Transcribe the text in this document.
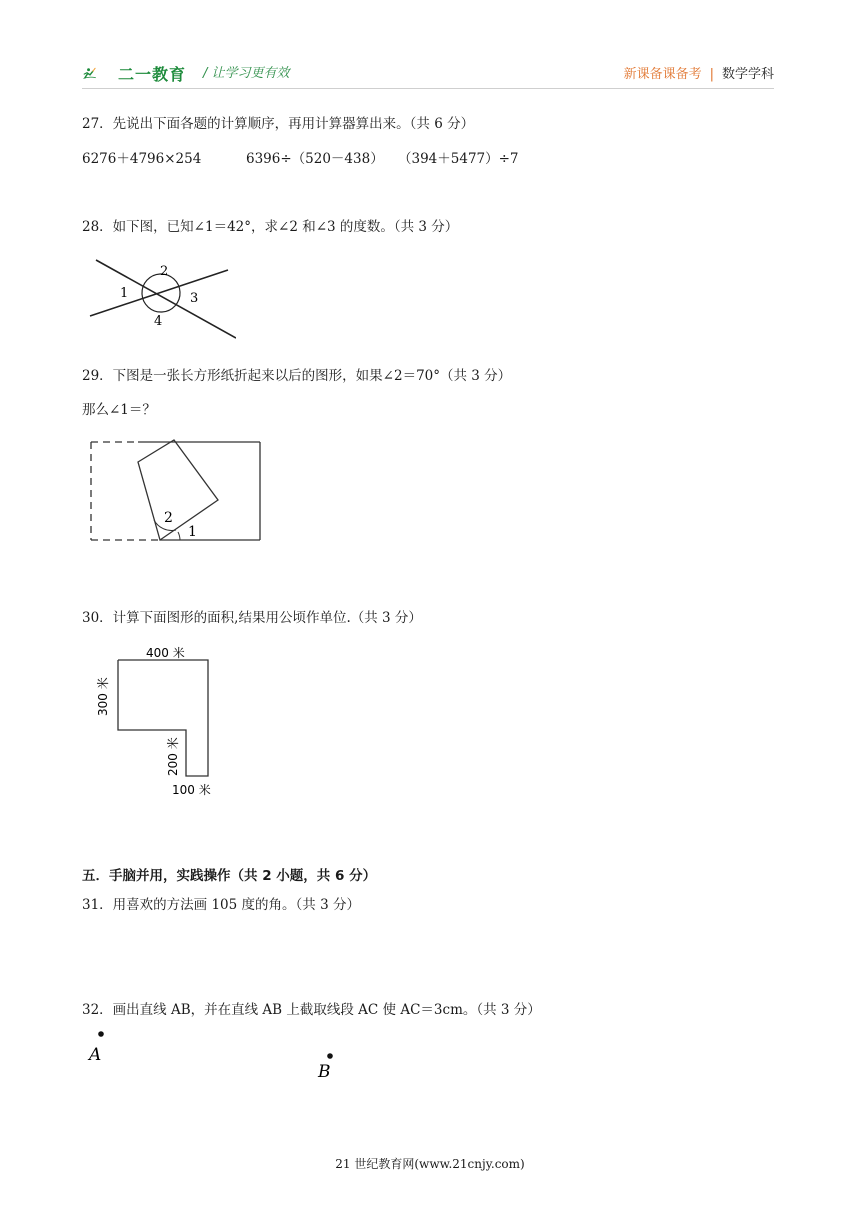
二一教育 / 让学习更有效	新课备课备考 | 数学学科
27．先说出下面各题的计算顺序，再用计算器算出来。（共 6 分）
6276＋4796×254	6396÷（520－438） （394＋5477）÷7
28．如下图，已知∠1＝42°，求∠2 和∠3 的度数。（共 3 分）
1
2
3
4
29．下图是一张长方形纸折起来以后的图形，如果∠2＝70°（共 3 分）
那么∠1＝？
2
1
30．计算下面图形的面积,结果用公顷作单位.（共 3 分）
400 米
300 米
200 米
100 米
五．手脑并用，实践操作（共 2 小题，共 6 分）
31．用喜欢的方法画 105 度的角。（共 3 分）
32．画出直线 AB，并在直线 AB 上截取线段 AC 使 AC＝3cm。（共 3 分）
A
B
21 世纪教育网(www.21cnjy.com)
